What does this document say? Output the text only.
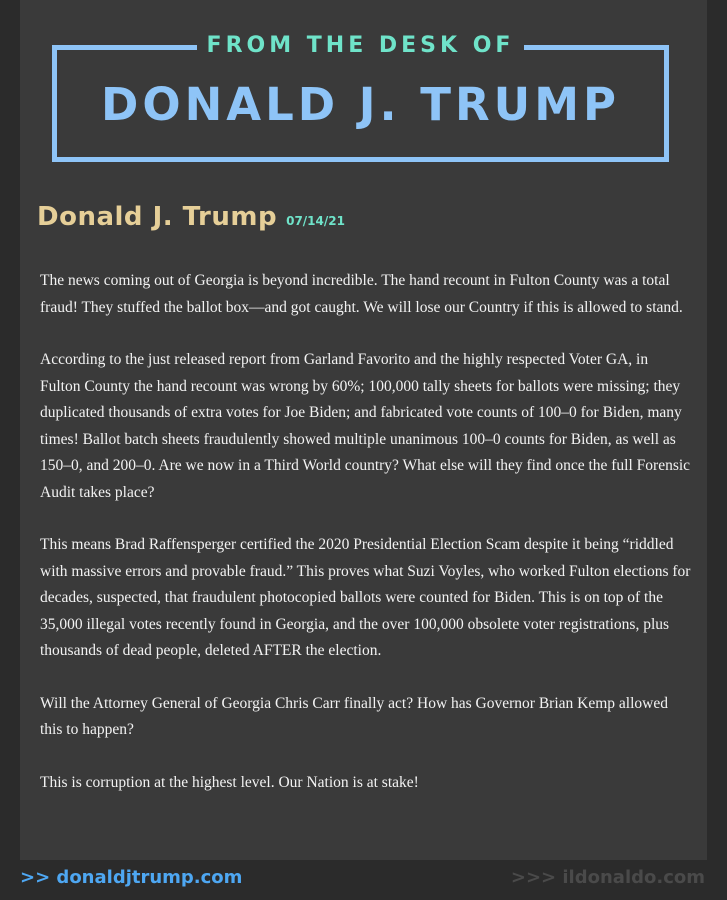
FROM THE DESK OF
DONALD J. TRUMP
Donald J. Trump 07/14/21

The news coming out of Georgia is beyond incredible. The hand recount in Fulton County was a total fraud! They stuffed the ballot box—and got caught. We will lose our Country if this is allowed to stand.

According to the just released report from Garland Favorito and the highly respected Voter GA, in Fulton County the hand recount was wrong by 60%; 100,000 tally sheets for ballots were missing; they duplicated thousands of extra votes for Joe Biden; and fabricated vote counts of 100–0 for Biden, many times! Ballot batch sheets fraudulently showed multiple unanimous 100–0 counts for Biden, as well as 150–0, and 200–0. Are we now in a Third World country? What else will they find once the full Forensic Audit takes place?

This means Brad Raffensperger certified the 2020 Presidential Election Scam despite it being “riddled with massive errors and provable fraud.” This proves what Suzi Voyles, who worked Fulton elections for decades, suspected, that fraudulent photocopied ballots were counted for Biden. This is on top of the 35,000 illegal votes recently found in Georgia, and the over 100,000 obsolete voter registrations, plus thousands of dead people, deleted AFTER the election.

Will the Attorney General of Georgia Chris Carr finally act? How has Governor Brian Kemp allowed this to happen?

This is corruption at the highest level. Our Nation is at stake!

>> donaldjtrump.com	>>> ildonaldo.com
